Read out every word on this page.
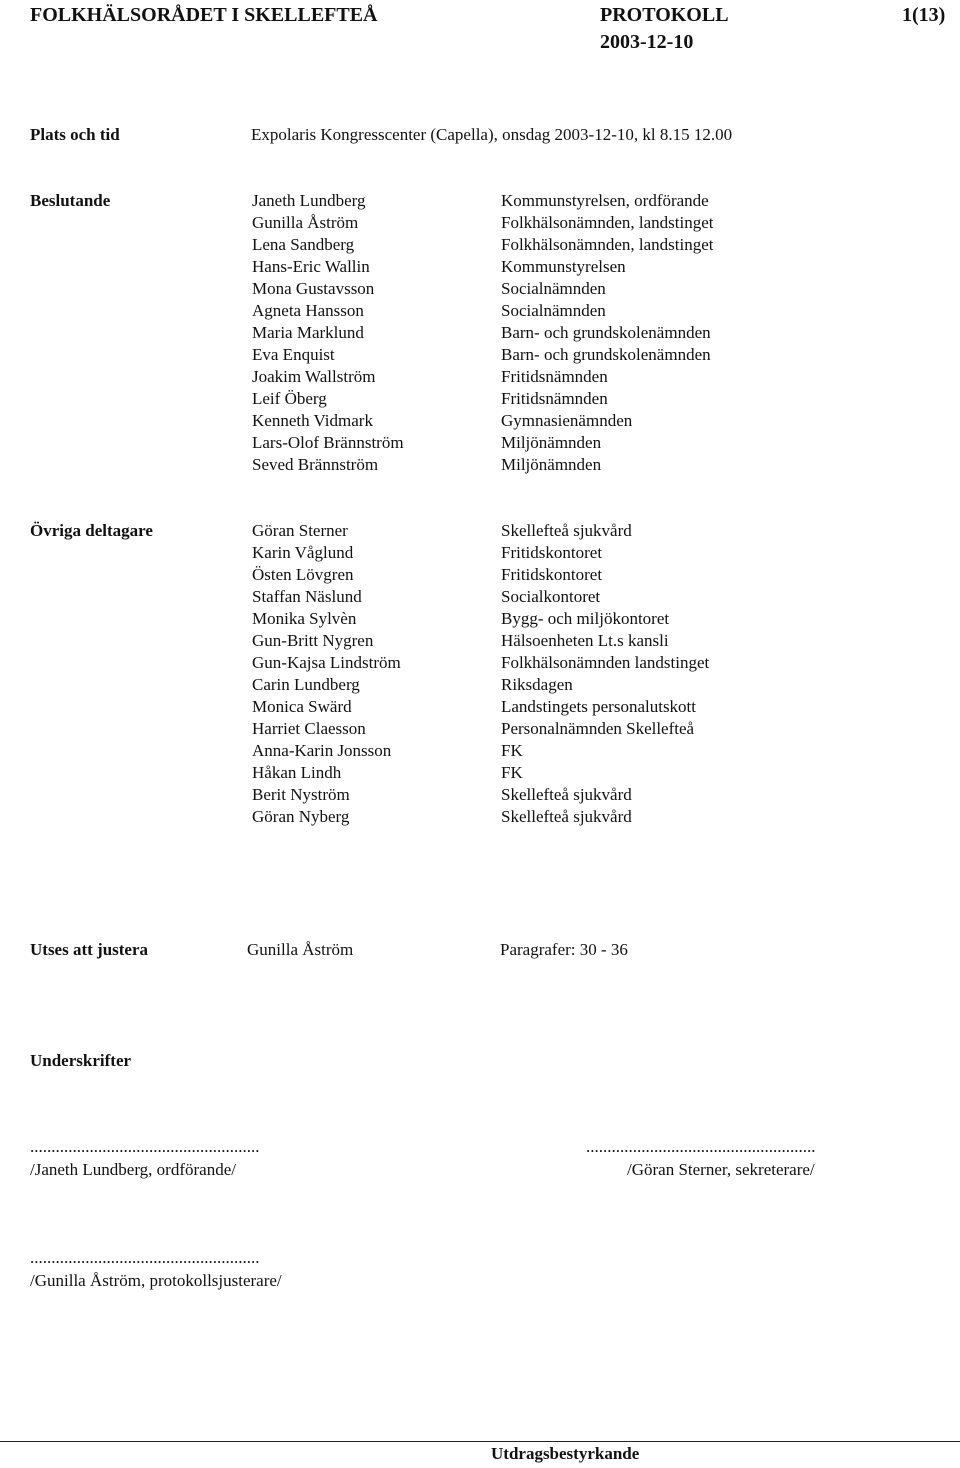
FOLKHÄLSORÅDET I SKELLEFTEÅ	PROTOKOLL
2003-12-10
1(13)
Plats och tid	Expolaris Kongresscenter (Capella), onsdag 2003-12-10, kl 8.15 12.00
Beslutande	Janeth Lundberg	Kommunstyrelsen, ordförande
Gunilla Åström	Folkhälsonämnden, landstinget
Lena Sandberg	Folkhälsonämnden, landstinget
Hans-Eric Wallin	Kommunstyrelsen
Mona Gustavsson	Socialnämnden
Agneta Hansson	Socialnämnden
Maria Marklund	Barn- och grundskolenämnden
Eva Enquist	Barn- och grundskolenämnden
Joakim Wallström	Fritidsnämnden
Leif Öberg	Fritidsnämnden
Kenneth Vidmark	Gymnasienämnden
Lars-Olof Brännström	Miljönämnden
Seved Brännström	Miljönämnden
Övriga deltagare	Göran Sterner	Skellefteå sjukvård
Karin Våglund	Fritidskontoret
Östen Lövgren	Fritidskontoret
Staffan Näslund	Socialkontoret
Monika Sylvèn	Bygg- och miljökontoret
Gun-Britt Nygren	Hälsoenheten Lt.s kansli
Gun-Kajsa Lindström	Folkhälsonämnden landstinget
Carin Lundberg	Riksdagen
Monica Swärd	Landstingets personalutskott
Harriet Claesson	Personalnämnden Skellefteå
Anna-Karin Jonsson	FK
Håkan Lindh	FK
Berit Nyström	Skellefteå sjukvård
Göran Nyberg	Skellefteå sjukvård
Utses att justera	Gunilla Åström	Paragrafer: 30 - 36
Underskrifter
......................................................	......................................................
/Janeth Lundberg, ordförande/	/Göran Sterner, sekreterare/
......................................................
/Gunilla Åström, protokollsjusterare/
Utdragsbestyrkande
